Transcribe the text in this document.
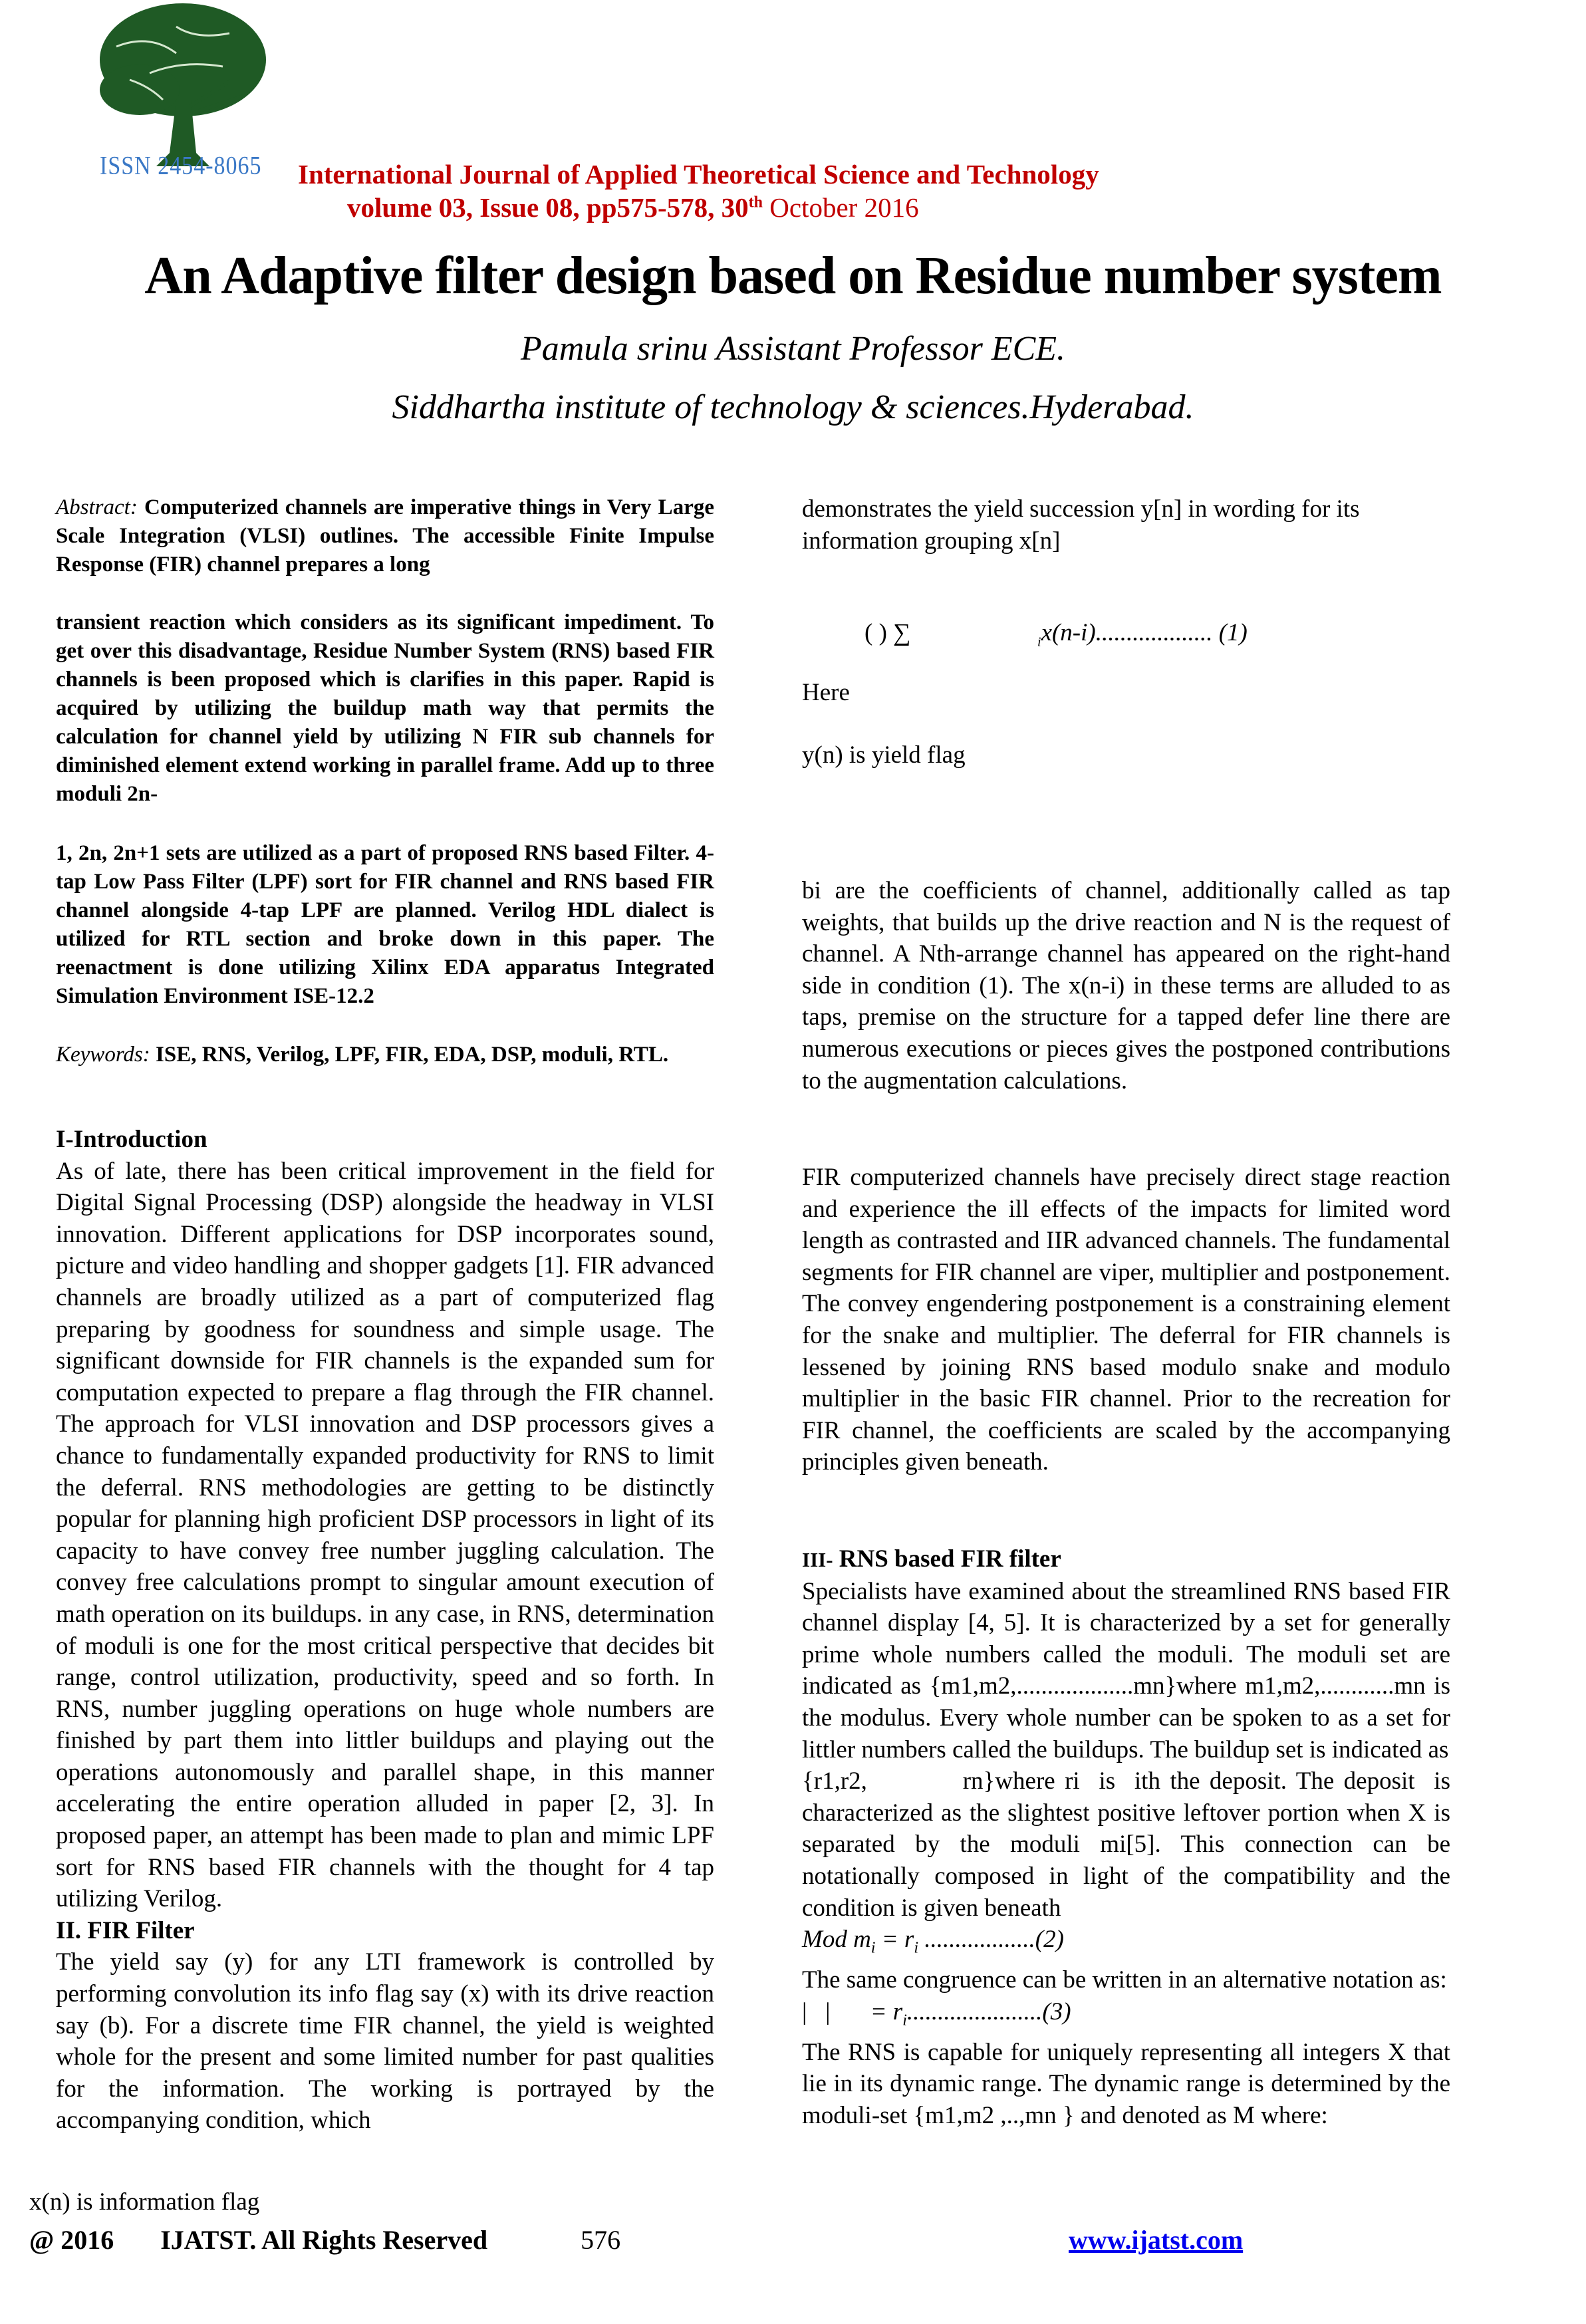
ISSN 2454-8065 International Journal of Applied Theoretical Science and Technology
volume 03, Issue 08, pp575-578, 30th October 2016
An Adaptive filter design based on Residue number system
Pamula srinu Assistant Professor ECE.
Siddhartha institute of technology & sciences.Hyderabad.
Abstract: Computerized channels are imperative things in Very Large Scale Integration (VLSI) outlines. The accessible Finite Impulse Response (FIR) channel prepares a long
transient reaction which considers as its significant impediment. To get over this disadvantage, Residue Number System (RNS) based FIR channels is been proposed which is clarifies in this paper. Rapid is acquired by utilizing the buildup math way that permits the calculation for channel yield by utilizing N FIR sub channels for diminished element extend working in parallel frame. Add up to three moduli 2n-
1, 2n, 2n+1 sets are utilized as a part of proposed RNS based Filter. 4-tap Low Pass Filter (LPF) sort for FIR channel and RNS based FIR channel alongside 4-tap LPF are planned. Verilog HDL dialect is utilized for RTL section and broke down in this paper. The reenactment is done utilizing Xilinx EDA apparatus Integrated Simulation Environment ISE-12.2
Keywords: ISE, RNS, Verilog, LPF, FIR, EDA, DSP, moduli, RTL.
I-Introduction

As of late, there has been critical improvement in the field for Digital Signal Processing (DSP) alongside the headway in VLSI innovation. Different applications for DSP incorporates sound, picture and video handling and shopper gadgets [1]. FIR advanced channels are broadly utilized as a part of computerized flag preparing by goodness for soundness and simple usage. The significant downside for FIR channels is the expanded sum for computation expected to prepare a flag through the FIR channel. The approach for VLSI innovation and DSP processors gives a chance to fundamentally expanded productivity for RNS to limit the deferral. RNS methodologies are getting to be distinctly popular for planning high proficient DSP processors in light of its capacity to have convey free number juggling calculation. The convey free calculations prompt to singular amount execution of math operation on its buildups. in any case, in RNS, determination of moduli is one for the most critical perspective that decides bit range, control utilization, productivity, speed and so forth. In RNS, number juggling operations on huge whole numbers are finished by part them into littler buildups and playing out the operations autonomously and parallel shape, in this manner accelerating the entire operation alluded in paper [2, 3]. In proposed paper, an attempt has been made to plan and mimic LPF sort for RNS based FIR channels with the thought for 4 tap utilizing Verilog.

II. FIR Filter

The yield say (y) for any LTI framework is controlled by performing convolution its info flag say (x) with its drive reaction say (b). For a discrete time FIR channel, the yield is weighted whole for the present and some limited number for past qualities for the information. The working is portrayed by the accompanying condition, which

x(n) is information flag
demonstrates the yield succession y[n] in wording for its information grouping x[n]
( ) ∑	$_i$x(n-i)................... (1)
Here
y(n) is yield flag
bi are the coefficients of channel, additionally called as tap weights, that builds up the drive reaction and N is the request of channel. A Nth-arrange channel has appeared on the right-hand side in condition (1). The x(n-i) in these terms are alluded to as taps, premise on the structure for a tapped defer line there are numerous executions or pieces gives the postponed contributions to the augmentation calculations.
FIR computerized channels have precisely direct stage reaction and experience the ill effects of the impacts for limited word length as contrasted and IIR advanced channels. The fundamental segments for FIR channel are viper, multiplier and postponement. The convey engendering postponement is a constraining element for the snake and multiplier. The deferral for FIR channels is lessened by joining RNS based modulo snake and modulo multiplier in the basic FIR channel. Prior to the recreation for FIR channel, the coefficients are scaled by the accompanying principles given beneath.
III- RNS based FIR filter

Specialists have examined about the streamlined RNS based FIR channel display [4, 5]. It is characterized by a set for generally prime whole numbers called the moduli. The moduli set are indicated as {m1,m2,...................mn}where m1,m2,............mn is the modulus. Every whole number can be spoken to as a set for littler numbers called the buildups. The buildup set is indicated as

{r1,r2,          rn}where ri  is  ith the deposit. The deposit  is characterized as the slightest positive leftover portion when X is separated by the moduli mi[5]. This connection can be notationally composed in light of the compatibility and the condition is given beneath

Mod $m_i = r_i$ ..................(2)

The same congruence can be written in an alternative notation as:

|   | = $r_i......................(3)$

The RNS is capable for uniquely representing all integers X that lie in its dynamic range. The dynamic range is determined by the moduli-set {m1,m2 ,..,mn } and denoted as M where:

@ 2016 IJATST. All Rights Reserved	576	www.ijatst.com
